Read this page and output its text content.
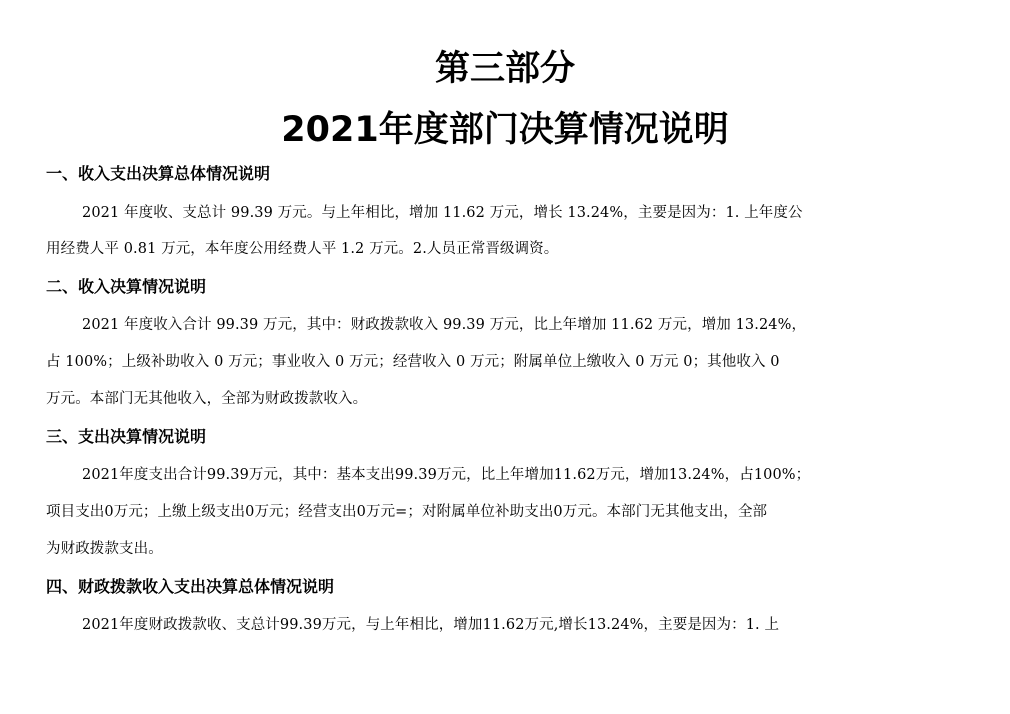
第三部分
2021年度部门决算情况说明
一、收入支出决算总体情况说明
2021 年度收、支总计 99.39 万元。与上年相比，增加 11.62 万元，增长 13.24%，主要是因为：1. 上年度公
用经费人平 0.81 万元，本年度公用经费人平 1.2 万元。2.人员正常晋级调资。
二、收入决算情况说明
2021 年度收入合计 99.39 万元，其中：财政拨款收入 99.39 万元，比上年增加 11.62 万元，增加 13.24%，
占 100%；上级补助收入 0 万元；事业收入 0 万元；经营收入 0 万元；附属单位上缴收入 0 万元 0；其他收入 0
万元。本部门无其他收入，全部为财政拨款收入。
三、支出决算情况说明
2021年度支出合计99.39万元，其中：基本支出99.39万元，比上年增加11.62万元，增加13.24%，占100%；
项目支出0万元；上缴上级支出0万元；经营支出0万元=；对附属单位补助支出0万元。本部门无其他支出，全部
为财政拨款支出。
四、财政拨款收入支出决算总体情况说明
2021年度财政拨款收、支总计99.39万元，与上年相比，增加11.62万元,增长13.24%，主要是因为：1. 上
